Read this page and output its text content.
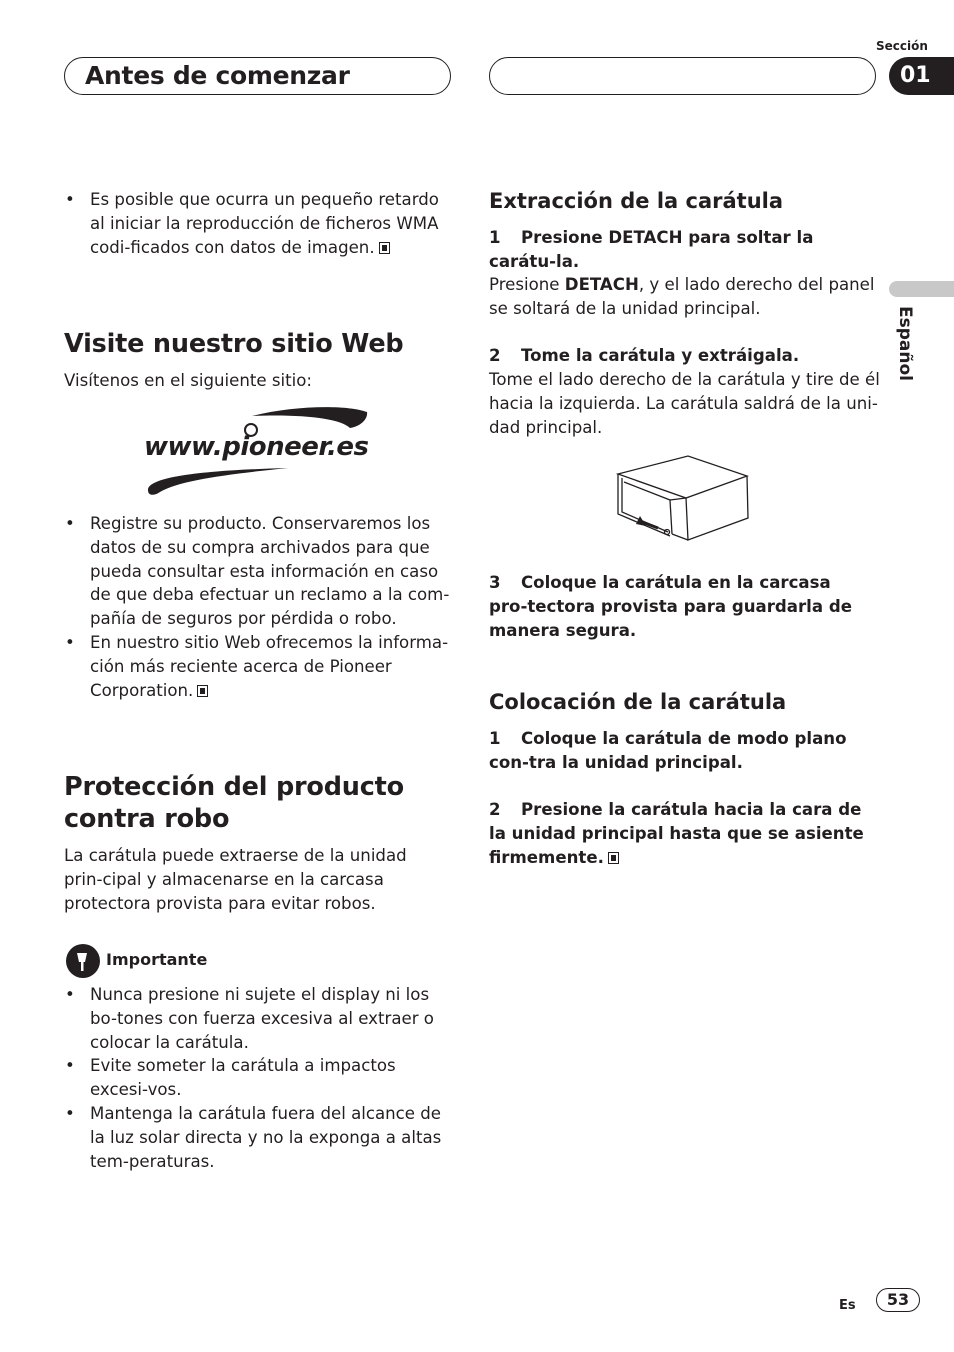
Antes de comenzar
Sección
01
Español
• Es posible que ocurra un pequeño retardo al iniciar la reproducción de ficheros WMA codi-ficados con datos de imagen.
Visite nuestro sitio Web
Visítenos en el siguiente sitio:
www.pioneer.es
• Registre su producto. Conservaremos los datos de su compra archivados para que pueda consultar esta información en caso de que deba efectuar un reclamo a la com-pañía de seguros por pérdida o robo.
• En nuestro sitio Web ofrecemos la informa-ción más reciente acerca de Pioneer Corporation.
Protección del producto contra robo
La carátula puede extraerse de la unidad prin-cipal y almacenarse en la carcasa protectora provista para evitar robos.
Importante
• Nunca presione ni sujete el display ni los bo-tones con fuerza excesiva al extraer o colocar la carátula.
• Evite someter la carátula a impactos excesi-vos.
• Mantenga la carátula fuera del alcance de la luz solar directa y no la exponga a altas tem-peraturas.
Extracción de la carátula
1 Presione DETACH para soltar la carátu-la.
Presione DETACH, y el lado derecho del panel se soltará de la unidad principal.
2 Tome la carátula y extráigala.
Tome el lado derecho de la carátula y tire de él hacia la izquierda. La carátula saldrá de la uni-dad principal.
3 Coloque la carátula en la carcasa pro-tectora provista para guardarla de manera segura.
Colocación de la carátula
1 Coloque la carátula de modo plano con-tra la unidad principal.
2 Presione la carátula hacia la cara de la unidad principal hasta que se asiente firmemente.
Es	53
